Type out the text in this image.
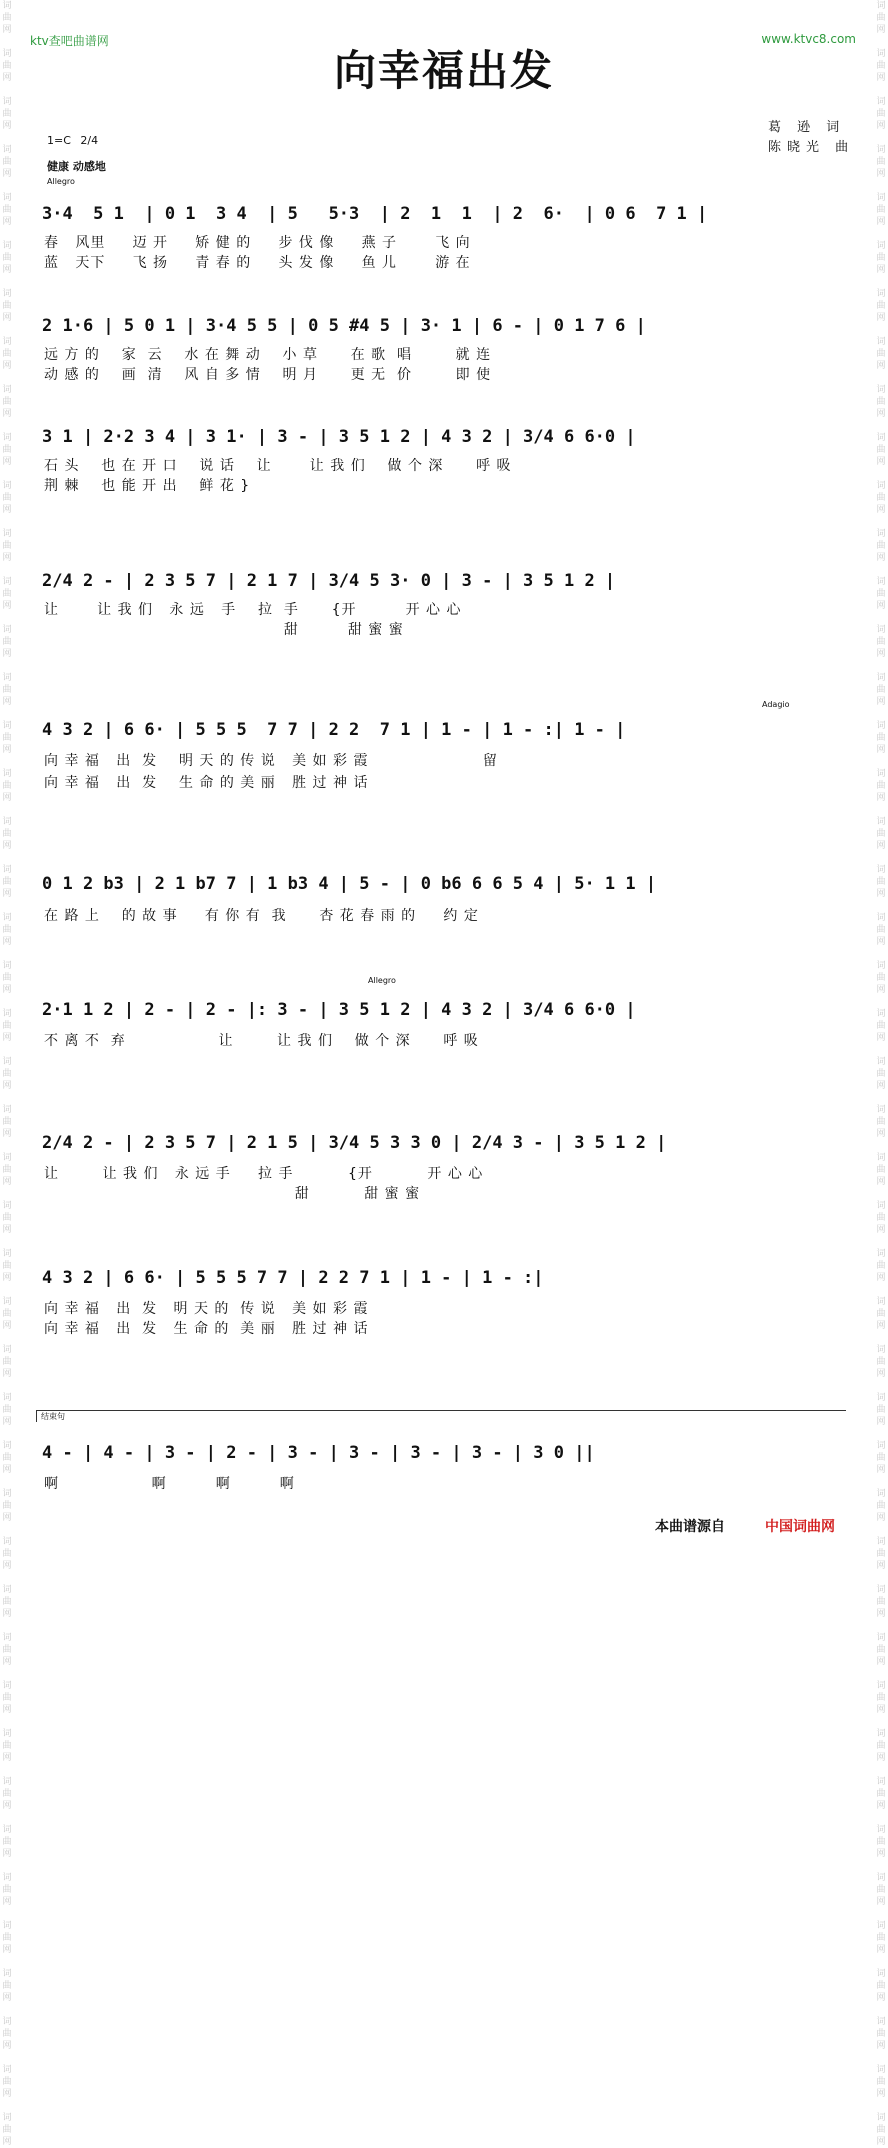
词
曲
网

词
曲
网

词
曲
网

词
曲
网

词
曲
网

词
曲
网

词
曲
网

词
曲
网

词
曲
网

词
曲
网

词
曲
网

词
曲
网

词
曲
网

词
曲
网

词
曲
网

词
曲
网

词
曲
网

词
曲
网

词
曲
网

词
曲
网

词
曲
网

词
曲
网

词
曲
网

词
曲
网

词
曲
网

词
曲
网

词
曲
网

词
曲
网

词
曲
网

词
曲
网

词
曲
网

词
曲
网

词
曲
网

词
曲
网

词
曲
网

词
曲
网

词
曲
网

词
曲
网

词
曲
网

词
曲
网

词
曲
网

词
曲
网

词
曲
网

词
曲
网

词
曲
网

词
曲
网

词
曲
网

词
曲
网

词
曲
网

词
曲
网

词
曲
网

词
曲
网

词
曲
网

词
曲
网

词
曲
网

词
曲
网

词
曲
网

词
曲
网

词
曲
网

词
曲
网

词
曲
网

词
曲
网

词
曲
网

词
曲
网

词
曲
网

词
曲
网

词
曲
网

词
曲
网

词
曲
网

词
曲
网

词
曲
网

词
曲
网

词
曲
网

词
曲
网

词
曲
网

词
曲
网

词
曲
网

词
曲
网

词
曲
网

词
曲
网

词
曲
网

词
曲
网

词
曲
网

词
曲
网

词
曲
网

词
曲
网

词
曲
网

词
曲
网

词
曲
网

词
曲
网

ktv查吧曲谱网	www.ktvc8.com
向幸福出发
葛 逊 词
陈晓光 曲
1=C 2/4
健康 动感地
Allegro
Adagio
Allegro
3·4  5 1  | 0 1  3 4  | 5   5·3  | 2  1  1  | 2  6·  | 0 6  7 1 |
春   风里     迈 开     矫 健 的     步 伐 像     燕 子       飞 向
蓝   天下     飞 扬     青 春 的     头 发 像     鱼 儿       游 在
2 1·6 | 5 0 1 | 3·4 5 5 | 0 5 #4 5 | 3· 1 | 6 - | 0 1 7 6 |
远 方 的    家  云    水 在 舞 动    小 草      在 歌  唱        就 连
动 感 的    画  清    风 自 多 情    明 月      更 无  价        即 使
3 1 | 2·2 3 4 | 3 1· | 3 - | 3 5 1 2 | 4 3 2 | 3/4 6 6·0 |
石 头    也 在 开 口    说 话    让       让 我 们    做 个 深      呼 吸
荆 棘    也 能 开 出    鲜 花 }
2/4 2 - | 2 3 5 7 | 2 1 7 | 3/4 5 3· 0 | 3 - | 3 5 1 2 |
让       让 我 们   永 远   手    拉  手      {开         开 心 心
甜         甜 蜜 蜜
4 3 2 | 6 6· | 5 5 5  7 7 | 2 2  7 1 | 1 - | 1 - :| 1 - |
向 幸 福   出  发    明 天 的 传 说   美 如 彩 霞                     留
向 幸 福   出  发    生 命 的 美 丽   胜 过 神 话
0 1 2 b3 | 2 1 b7 7 | 1 b3 4 | 5 - | 0 b6 6 6 5 4 | 5· 1 1 |
在 路 上    的 故 事     有 你 有  我      杏 花 春 雨 的     约 定
2·1 1 2 | 2 - | 2 - |: 3 - | 3 5 1 2 | 4 3 2 | 3/4 6 6·0 |
不 离 不  弃                 让        让 我 们    做 个 深      呼 吸
2/4 2 - | 2 3 5 7 | 2 1 5 | 3/4 5 3 3 0 | 2/4 3 - | 3 5 1 2 |
让        让 我 们   永 远 手     拉 手          {开          开 心 心
甜          甜 蜜 蜜
4 3 2 | 6 6· | 5 5 5 7 7 | 2 2 7 1 | 1 - | 1 - :|
向 幸 福   出  发   明 天 的  传 说   美 如 彩 霞
向 幸 福   出  发   生 命 的  美 丽   胜 过 神 话
结束句
4 - | 4 - | 3 - | 2 - | 3 - | 3 - | 3 - | 3 - | 3 0 ||
啊                 啊         啊         啊
本曲谱源自	中国词曲网
